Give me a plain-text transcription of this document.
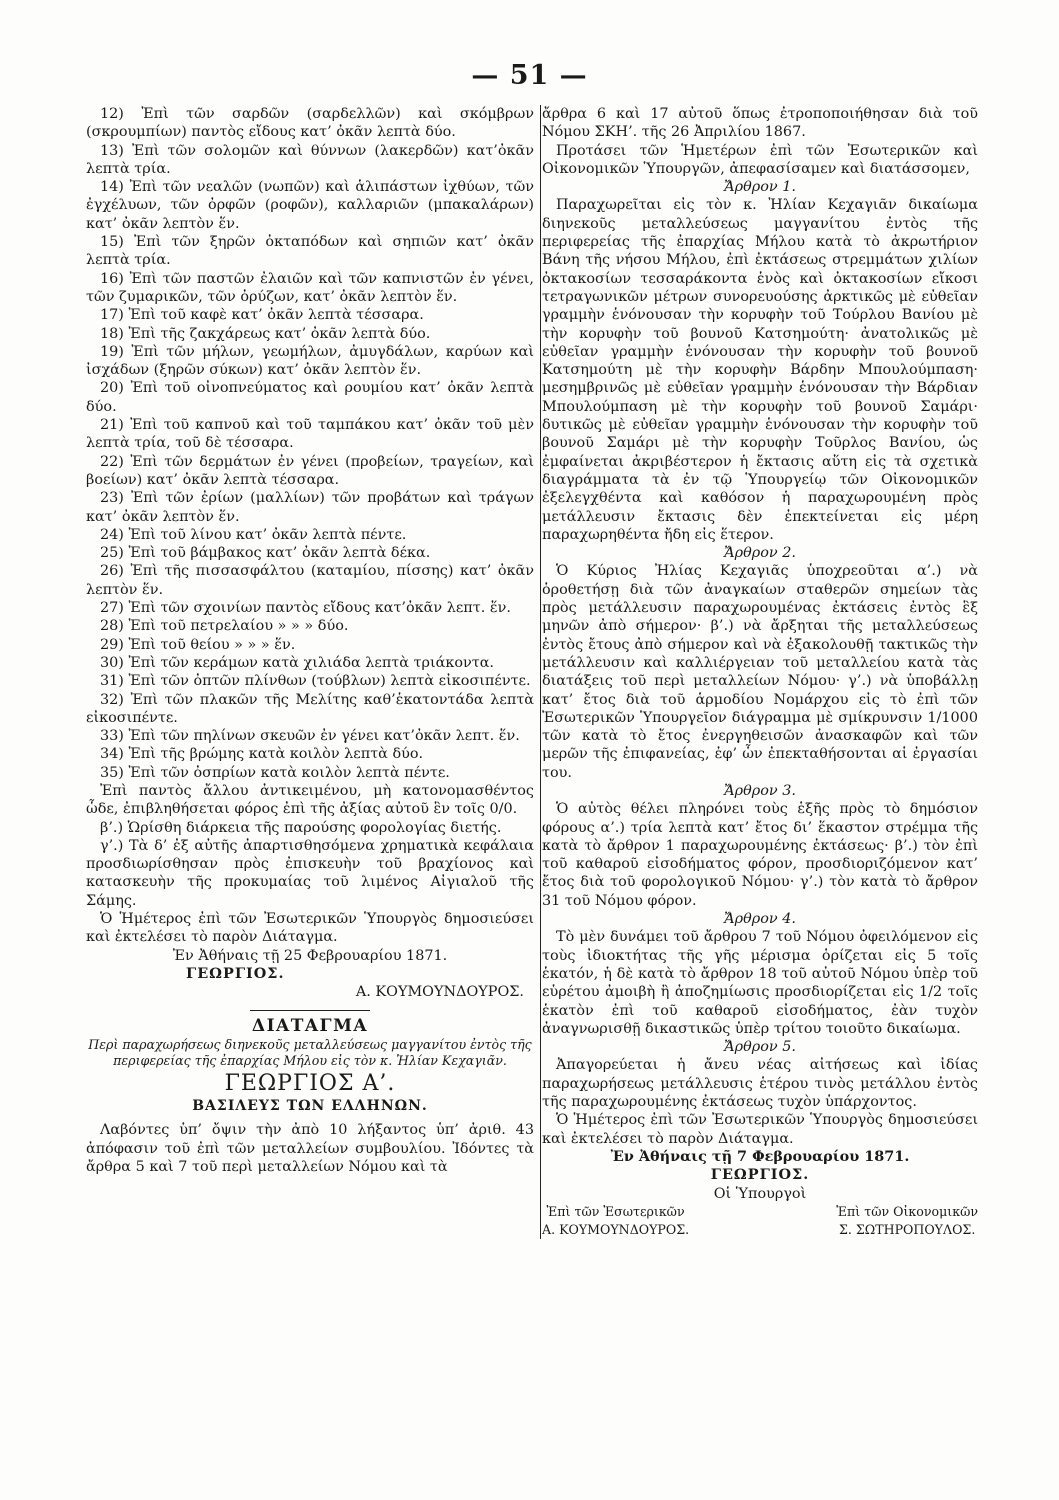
— 51 —

12) Ἐπὶ τῶν σαρδῶν (σαρδελλῶν) καὶ σκόμβρων (σκρουμπίων) παντὸς εἴδους κατ’ ὀκᾶν λεπτὰ δύο.

13) Ἐπὶ τῶν σολομῶν καὶ θύννων (λακερδῶν) κατ’ὀκᾶν λεπτὰ τρία.

14) Ἐπὶ τῶν νεαλῶν (νωπῶν) καὶ ἁλιπάστων ἰχθύων, τῶν ἐγχέλυων, τῶν ὀρφῶν (ροφῶν), καλλαριῶν (μπακαλάρων) κατ’ ὀκᾶν λεπτὸν ἕν.

15) Ἐπὶ τῶν ξηρῶν ὀκταπόδων καὶ σηπιῶν κατ’ ὀκᾶν λεπτὰ τρία.

16) Ἐπὶ τῶν παστῶν ἐλαιῶν καὶ τῶν καπνιστῶν ἐν γένει, τῶν ζυμαρικῶν, τῶν ὀρύζων, κατ’ ὀκᾶν λεπτὸν ἕν.

17) Ἐπὶ τοῦ καφὲ κατ’ ὀκᾶν λεπτὰ τέσσαρα.

18) Ἐπὶ τῆς ζακχάρεως κατ’ ὀκᾶν λεπτὰ δύο.

19) Ἐπὶ τῶν μήλων, γεωμήλων, ἀμυγδάλων, καρύων καὶ ἰσχάδων (ξηρῶν σύκων) κατ’ ὀκᾶν λεπτὸν ἕν.

20) Ἐπὶ τοῦ οἰνοπνεύματος καὶ ρουμίου κατ’ ὀκᾶν λεπτὰ δύο.

21) Ἐπὶ τοῦ καπνοῦ καὶ τοῦ ταμπάκου κατ’ ὀκᾶν τοῦ μὲν λεπτὰ τρία, τοῦ δὲ τέσσαρα.

22) Ἐπὶ τῶν δερμάτων ἐν γένει (προβείων, τραγείων, καὶ βοείων) κατ’ ὀκᾶν λεπτὰ τέσσαρα.

23) Ἐπὶ τῶν ἐρίων (μαλλίων) τῶν προβάτων καὶ τράγων κατ’ ὀκᾶν λεπτὸν ἕν.

24) Ἐπὶ τοῦ λίνου κατ’ ὀκᾶν λεπτὰ πέντε.

25) Ἐπὶ τοῦ βάμβακος κατ’ ὀκᾶν λεπτὰ δέκα.

26) Ἐπὶ τῆς πισσασφάλτου (καταμίου, πίσσης) κατ’ ὀκᾶν λεπτὸν ἕν.

27) Ἐπὶ τῶν σχοινίων παντὸς εἴδους κατ’ὀκᾶν λεπτ. ἕν.

28) Ἐπὶ τοῦ πετρελαίου » » » δύο.

29) Ἐπὶ τοῦ θείου » » » ἕν.

30) Ἐπὶ τῶν κεράμων κατὰ χιλιάδα λεπτὰ τριάκοντα.

31) Ἐπὶ τῶν ὀπτῶν πλίνθων (τούβλων) λεπτὰ εἰκοσιπέντε.

32) Ἐπὶ τῶν πλακῶν τῆς Μελίτης καθ’ἑκατοντάδα λεπτὰ εἰκοσιπέντε.

33) Ἐπὶ τῶν πηλίνων σκευῶν ἐν γένει κατ’ὀκᾶν λεπτ. ἕν.

34) Ἐπὶ τῆς βρώμης κατὰ κοιλὸν λεπτὰ δύο.

35) Ἐπὶ τῶν ὀσπρίων κατὰ κοιλὸν λεπτὰ πέντε.

Ἐπὶ παντὸς ἄλλου ἀντικειμένου, μὴ κατονομασθέντος ὧδε, ἐπιβληθήσεται φόρος ἐπὶ τῆς ἀξίας αὐτοῦ ἓν τοῖς 0/0.

β’.) Ὡρίσθη διάρκεια τῆς παρούσης φορολογίας διετής.

γ’.) Τὰ δ’ ἐξ αὐτῆς ἀπαρτισθησόμενα χρηματικὰ κεφάλαια προσδιωρίσθησαν πρὸς ἐπισκευὴν τοῦ βραχίονος καὶ κατασκευὴν τῆς προκυμαίας τοῦ λιμένος Αἰγιαλοῦ τῆς Σάμης.

Ὁ Ἡμέτερος ἐπὶ τῶν Ἐσωτερικῶν Ὑπουργὸς δημοσιεύσει καὶ ἐκτελέσει τὸ παρὸν Διάταγμα.

Ἐν Ἀθήναις τῇ 25 Φεβρουαρίου 1871.

ΓΕΩΡΓΙΟΣ.

Α. ΚΟΥΜΟΥΝΔΟΥΡΟΣ.

ΔΙΑΤΑΓΜΑ
Περὶ παραχωρήσεως διηνεκοῦς μεταλλεύσεως μαγγανίτου ἐντὸς τῆς περιφερείας τῆς ἐπαρχίας Μήλου εἰς τὸν κ. Ἠλίαν Κεχαγιᾶν.
ΓΕΩΡΓΙΟΣ Α’.
ΒΑΣΙΛΕΥΣ ΤΩΝ ΕΛΛΗΝΩΝ.

Λαβόντες ὑπ’ ὄψιν τὴν ἀπὸ 10 λήξαντος ὑπ’ ἀριθ. 43 ἀπόφασιν τοῦ ἐπὶ τῶν μεταλλείων συμβουλίου. Ἰδόντες τὰ ἄρθρα 5 καὶ 7 τοῦ περὶ μεταλλείων Νόμου καὶ τὰ

ἄρθρα 6 καὶ 17 αὐτοῦ ὅπως ἐτροποποιήθησαν διὰ τοῦ Νόμου ΣΚΗ’. τῆς 26 Ἀπριλίου 1867.

Προτάσει τῶν Ἡμετέρων ἐπὶ τῶν Ἐσωτερικῶν καὶ Οἰκονομικῶν Ὑπουργῶν, ἀπεφασίσαμεν καὶ διατάσσομεν,

Ἄρθρον 1.

Παραχωρεῖται εἰς τὸν κ. Ἠλίαν Κεχαγιᾶν δικαίωμα διηνεκοῦς μεταλλεύσεως μαγγανίτου ἐντὸς τῆς περιφερείας τῆς ἐπαρχίας Μήλου κατὰ τὸ ἀκρωτήριον Βάνη τῆς νήσου Μήλου, ἐπὶ ἐκτάσεως στρεμμάτων χιλίων ὀκτακοσίων τεσσαράκοντα ἑνὸς καὶ ὀκτακοσίων εἴκοσι τετραγωνικῶν μέτρων συνορευούσης ἀρκτικῶς μὲ εὐθεῖαν γραμμὴν ἑνόνουσαν τὴν κορυφὴν τοῦ Τούρλου Βανίου μὲ τὴν κορυφὴν τοῦ βουνοῦ Κατσημούτη· ἀνατολικῶς μὲ εὐθεῖαν γραμμὴν ἑνόνουσαν τὴν κορυφὴν τοῦ βουνοῦ Κατσημούτη μὲ τὴν κορυφὴν Βάρδην Μπουλούμπαση· μεσημβρινῶς μὲ εὐθεῖαν γραμμὴν ἑνόνουσαν τὴν Βάρδιαν Μπουλούμπαση μὲ τὴν κορυφὴν τοῦ βουνοῦ Σαμάρι· δυτικῶς μὲ εὐθεῖαν γραμμὴν ἑνόνουσαν τὴν κορυφὴν τοῦ βουνοῦ Σαμάρι μὲ τὴν κορυφὴν Τοῦρλος Βανίου, ὡς ἐμφαίνεται ἀκριβέστερον ἡ ἔκτασις αὕτη εἰς τὰ σχετικὰ διαγράμματα τὰ ἐν τῷ Ὑπουργείῳ τῶν Οἰκονομικῶν ἐξελεγχθέντα καὶ καθόσον ἡ παραχωρουμένη πρὸς μετάλλευσιν ἔκτασις δὲν ἐπεκτείνεται εἰς μέρη παραχωρηθέντα ἤδη εἰς ἕτερον.

Ἄρθρον 2.

Ὁ Κύριος Ἠλίας Κεχαγιᾶς ὑποχρεοῦται α’.) νὰ ὁροθετήσῃ διὰ τῶν ἀναγκαίων σταθερῶν σημείων τὰς πρὸς μετάλλευσιν παραχωρουμένας ἐκτάσεις ἐντὸς ἓξ μηνῶν ἀπὸ σήμερον· β’.) νὰ ἄρξηται τῆς μεταλλεύσεως ἐντὸς ἔτους ἀπὸ σήμερον καὶ νὰ ἐξακολουθῇ τακτικῶς τὴν μετάλλευσιν καὶ καλλιέργειαν τοῦ μεταλλείου κατὰ τὰς διατάξεις τοῦ περὶ μεταλλείων Νόμου· γ’.) νὰ ὑποβάλλῃ κατ’ ἔτος διὰ τοῦ ἁρμοδίου Νομάρχου εἰς τὸ ἐπὶ τῶν Ἐσωτερικῶν Ὑπουργεῖον διάγραμμα μὲ σμίκρυνσιν 1/1000 τῶν κατὰ τὸ ἔτος ἐνεργηθεισῶν ἀνασκαφῶν καὶ τῶν μερῶν τῆς ἐπιφανείας, ἐφ’ ὧν ἐπεκταθήσονται αἱ ἐργασίαι του.

Ἄρθρον 3.

Ὁ αὐτὸς θέλει πληρόνει τοὺς ἑξῆς πρὸς τὸ δημόσιον φόρους α’.) τρία λεπτὰ κατ’ ἔτος δι’ ἕκαστον στρέμμα τῆς κατὰ τὸ ἄρθρον 1 παραχωρουμένης ἐκτάσεως· β’.) τὸν ἐπὶ τοῦ καθαροῦ εἰσοδήματος φόρον, προσδιοριζόμενον κατ’ ἔτος διὰ τοῦ φορολογικοῦ Νόμου· γ’.) τὸν κατὰ τὸ ἄρθρον 31 τοῦ Νόμου φόρον.

Ἄρθρον 4.

Τὸ μὲν δυνάμει τοῦ ἄρθρου 7 τοῦ Νόμου ὀφειλόμενον εἰς τοὺς ἰδιοκτήτας τῆς γῆς μέρισμα ὁρίζεται εἰς 5 τοῖς ἑκατόν, ἡ δὲ κατὰ τὸ ἄρθρον 18 τοῦ αὐτοῦ Νόμου ὑπὲρ τοῦ εὑρέτου ἀμοιβὴ ἢ ἀποζημίωσις προσδιορίζεται εἰς 1/2 τοῖς ἑκατὸν ἐπὶ τοῦ καθαροῦ εἰσοδήματος, ἐὰν τυχὸν ἀναγνωρισθῇ δικαστικῶς ὑπὲρ τρίτου τοιοῦτο δικαίωμα.

Ἄρθρον 5.

Ἀπαγορεύεται ἡ ἄνευ νέας αἰτήσεως καὶ ἰδίας παραχωρήσεως μετάλλευσις ἑτέρου τινὸς μετάλλου ἐντὸς τῆς παραχωρουμένης ἐκτάσεως τυχὸν ὑπάρχοντος.

Ὁ Ἡμέτερος ἐπὶ τῶν Ἐσωτερικῶν Ὑπουργὸς δημοσιεύσει καὶ ἐκτελέσει τὸ παρὸν Διάταγμα.

Ἐν Ἀθήναις τῇ 7 Φεβρουαρίου 1871.

ΓΕΩΡΓΙΟΣ.

Οἱ Ὑπουργοὶ

Ἐπὶ τῶν Ἐσωτερικῶν
Α. ΚΟΥΜΟΥΝΔΟΥΡΟΣ.
Ἐπὶ τῶν Οἰκονομικῶν
Σ. ΣΩΤΗΡΟΠΟΥΛΟΣ.
